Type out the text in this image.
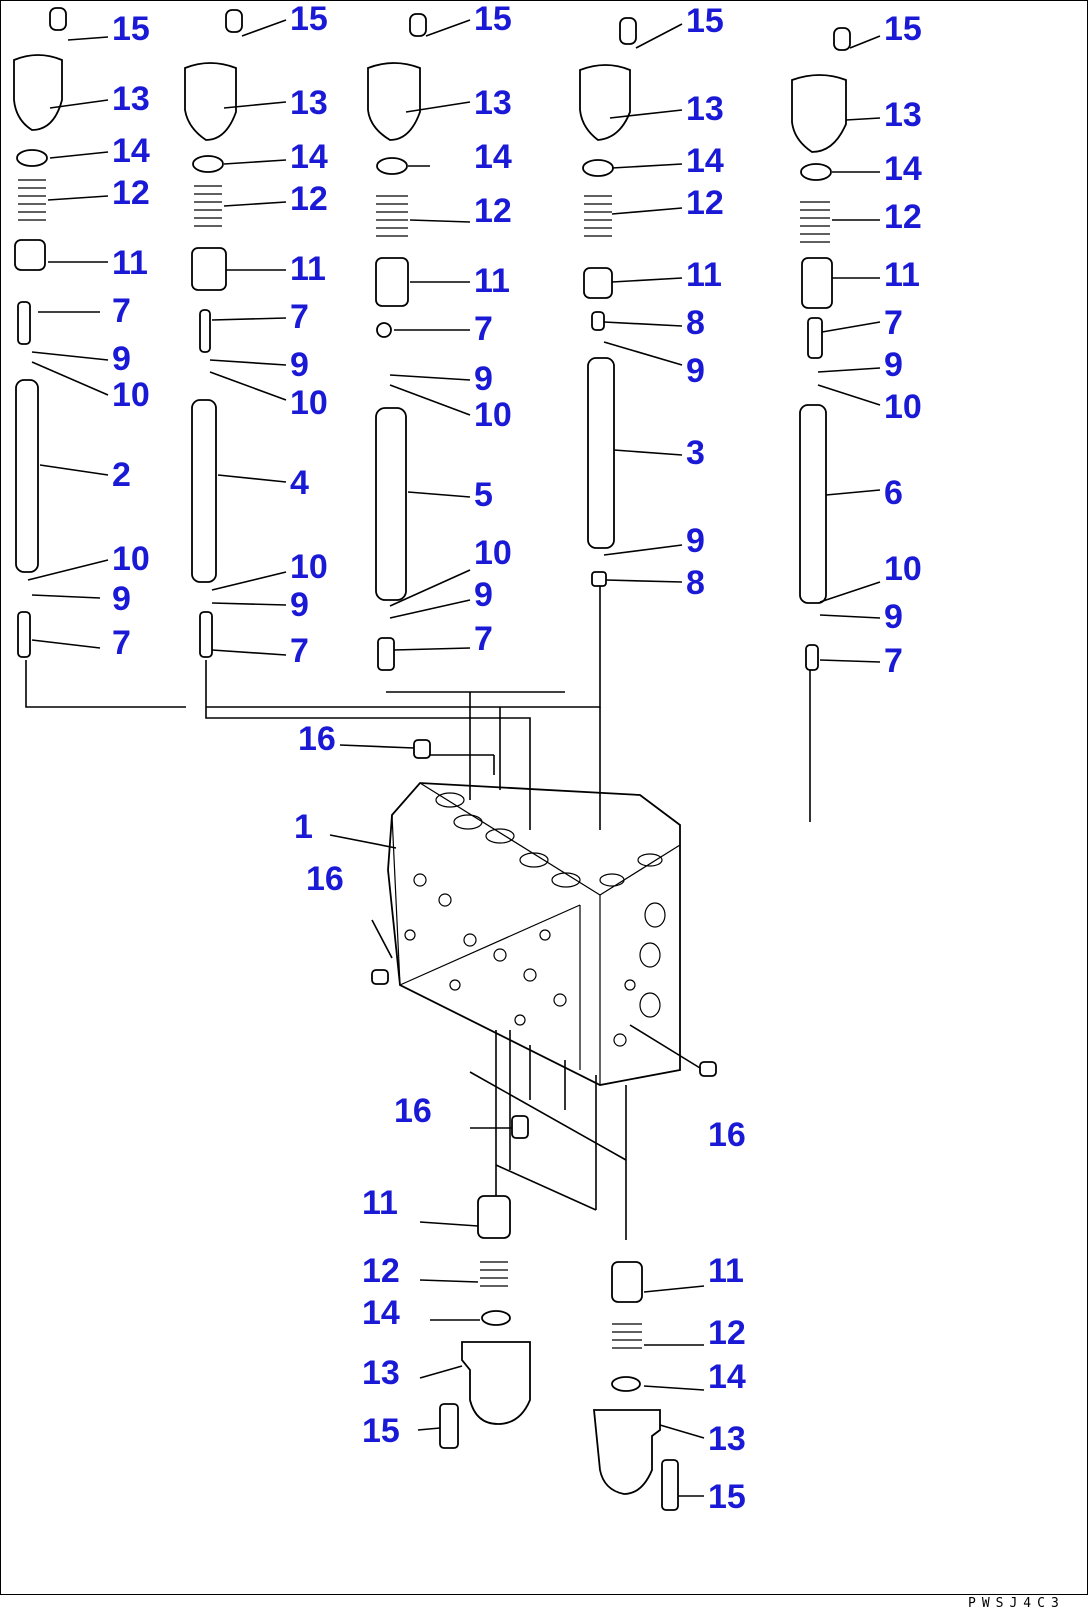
15
13
14
12
11
7
9
10
2
10
9
7
15
13
14
12
11
7
9
10
4
10
9
7
15
13
14
12
11
7
9
10
5
10
9
7
15
13
14
12
11
8
9
3
9
8
15
13
14
12
11
7
9
10
6
10
9
7
16
1
16
16
16
11
12
14
13
15
11
12
14
13
15
PWSJ4C3
